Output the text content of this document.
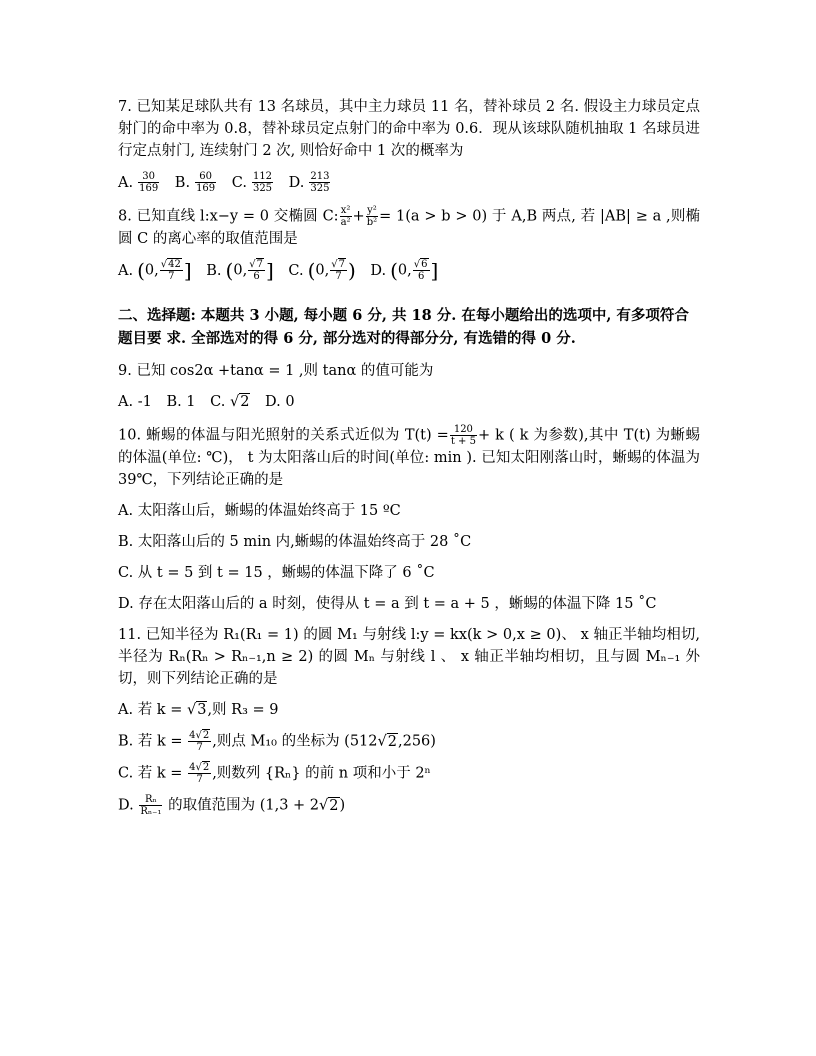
7. 已知某足球队共有 13 名球员，其中主力球员 11 名，替补球员 2 名. 假设主力球员定点射门的命中率为 0.8，替补球员定点射门的命中率为 0.6．现从该球队随机抽取 1 名球员进行定点射门, 连续射门 2 次, 则恰好命中 1 次的概率为

A. $\frac{30}{169} B$. $\frac{60}{169} C$. $\frac{112}{325} D$. $\frac{213}{325}$

8. 已知直线 l:x−y = 0 交椭圆 C: $\frac{\text{x²}}{\text{a²}} + \frac{\text{y²}}{\text{b²}} = 1(a > b > 0)$ 于 A,B 两点, 若 |AB| ≥ a ,则椭圆 C 的离心率的取值范围是

A. (0, $\frac{√42}{7}$ ] B. (0, $\frac{√7}{6}$ ] C. (0, $\frac{√7}{7}$ ) D. (0, $\frac{√6}{6}$ ]

二、选择题: 本题共 3 小题, 每小题 6 分, 共 18 分. 在每小题给出的选项中, 有多项符合题目要 求. 全部选对的得 6 分, 部分选对的得部分分, 有选错的得 0 分.

9. 已知 cos2α +tanα = 1 ,则 tanα 的值可能为

A. -1 B. 1 C. √2 D. 0

10. 蜥蜴的体温与阳光照射的关系式近似为 $T(t) = \frac{120}{t + 5} + k$ ( k 为参数),其中 T(t) 为蜥蜴的体温(单位: ℃)， t 为太阳落山后的时间(单位: min ). 已知太阳刚落山时，蜥蜴的体温为 39℃，下列结论正确的是

A. 太阳落山后，蜥蜴的体温始终高于 15 ºC

B. 太阳落山后的 5 min 内,蜥蜴的体温始终高于 28 ˚C

C. 从 t = 5 到 t = 15 ，蜥蜴的体温下降了 6 ˚C

D. 存在太阳落山后的 a 时刻，使得从 t = a 到 t = a + 5 ，蜥蜴的体温下降 15 ˚C

11. 已知半径为 R₁(R₁ = 1) 的圆 M₁ 与射线 l:y = kx(k > 0,x ≥ 0)、 x 轴正半轴均相切, 半径为 Rₙ(Rₙ > Rₙ₋₁,n ≥ 2) 的圆 Mₙ 与射线 l 、 x 轴正半轴均相切，且与圆 Mₙ₋₁ 外切，则下列结论正确的是

A. 若 k = √3,则 R₃ = 9

B. 若 $k = \frac{4√2}{7}$ ,则点 M₁₀ 的坐标为 (512√2,256)

C. 若 $k = \frac{4√2}{7}$ ,则数列 {Rₙ} 的前 n 项和小于 2ⁿ

D. $\frac{\text{Rₙ}}{\text{Rₙ₋₁}}$ 的取值范围为 (1,3 + 2√2)
